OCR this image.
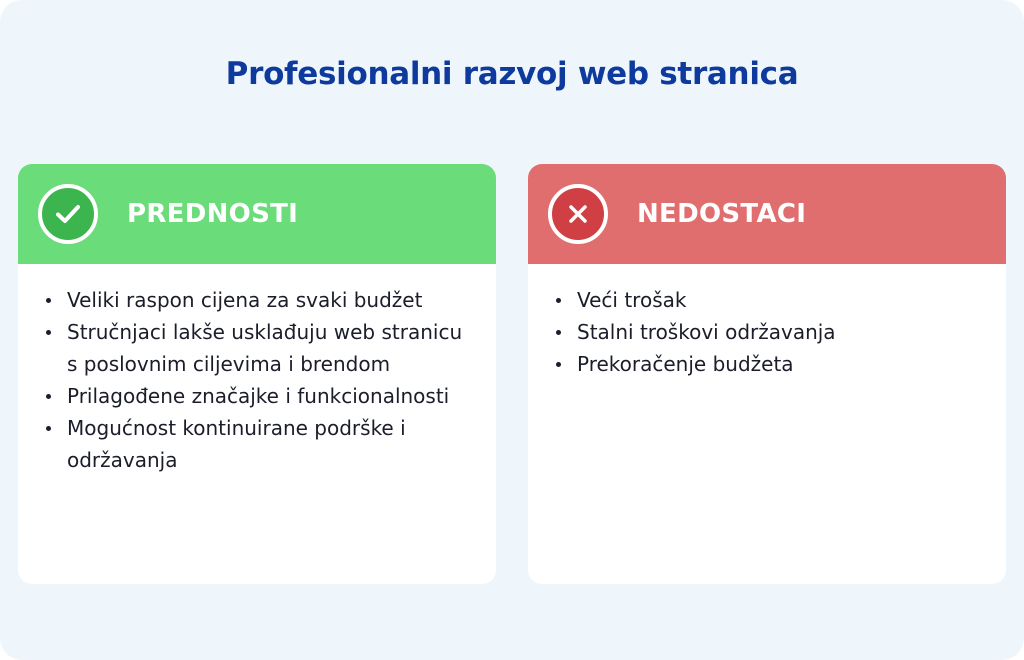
Profesionalni razvoj web stranica
PREDNOSTI
Veliki raspon cijena za svaki budžet
Stručnjaci lakše usklađuju web stranicu s poslovnim ciljevima i brendom
Prilagođene značajke i funkcionalnosti
Mogućnost kontinuirane podrške i održavanja
NEDOSTACI
Veći trošak
Stalni troškovi održavanja
Prekoračenje budžeta
